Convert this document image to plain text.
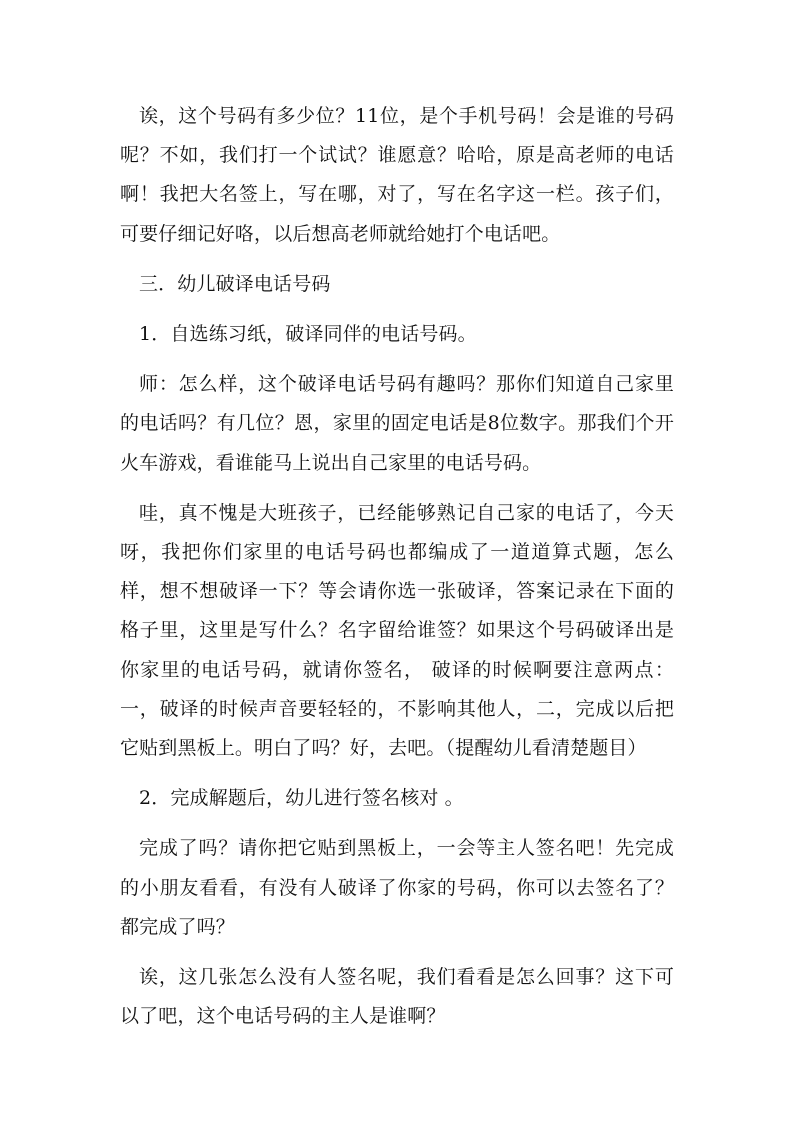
诶，这个号码有多少位？11位，是个手机号码！会是谁的号码呢？不如，我们打一个试试？谁愿意？哈哈，原是高老师的电话啊！我把大名签上，写在哪，对了，写在名字这一栏。孩子们，可要仔细记好咯，以后想高老师就给她打个电话吧。

三．幼儿破译电话号码

1．自选练习纸，破译同伴的电话号码。

师：怎么样，这个破译电话号码有趣吗？那你们知道自己家里的电话吗？有几位？恩，家里的固定电话是8位数字。那我们个开火车游戏，看谁能马上说出自己家里的电话号码。

哇，真不愧是大班孩子，已经能够熟记自己家的电话了，今天呀，我把你们家里的电话号码也都编成了一道道算式题，怎么样，想不想破译一下？等会请你选一张破译，答案记录在下面的格子里，这里是写什么？名字留给谁签？如果这个号码破译出是你家里的电话号码，就请你签名， 破译的时候啊要注意两点：一，破译的时候声音要轻轻的，不影响其他人，二，完成以后把它贴到黑板上。明白了吗？好，去吧。（提醒幼儿看清楚题目）

2．完成解题后，幼儿进行签名核对 。

完成了吗？请你把它贴到黑板上，一会等主人签名吧！先完成的小朋友看看，有没有人破译了你家的号码，你可以去签名了？都完成了吗？

诶，这几张怎么没有人签名呢，我们看看是怎么回事？这下可以了吧，这个电话号码的主人是谁啊？
